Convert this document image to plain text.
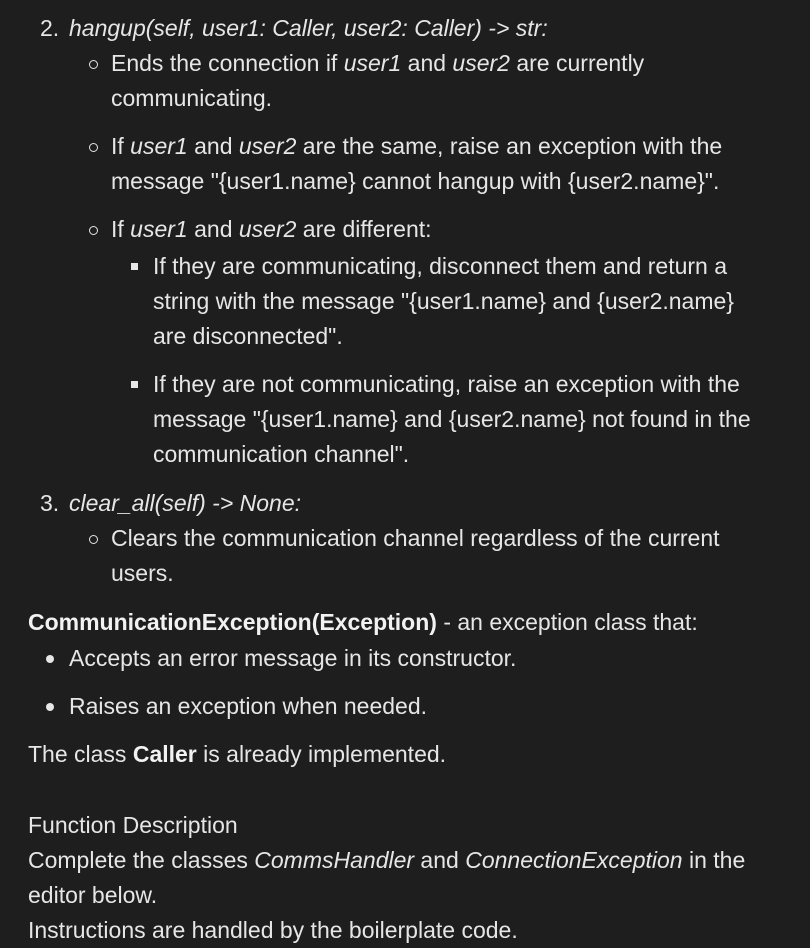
2. hangup(self, user1: Caller, user2: Caller) -> str:
Ends the connection if user1 and user2 are currently
communicating.
If user1 and user2 are the same, raise an exception with the
message "{user1.name} cannot hangup with {user2.name}".
If user1 and user2 are different:
If they are communicating, disconnect them and return a
string with the message "{user1.name} and {user2.name}
are disconnected".
If they are not communicating, raise an exception with the
message "{user1.name} and {user2.name} not found in the
communication channel".
3. clear_all(self) -> None:
Clears the communication channel regardless of the current
users.
CommunicationException(Exception) - an exception class that:
Accepts an error message in its constructor.
Raises an exception when needed.
The class Caller is already implemented.
Function Description
Complete the classes CommsHandler and ConnectionException in the
editor below.
Instructions are handled by the boilerplate code.
